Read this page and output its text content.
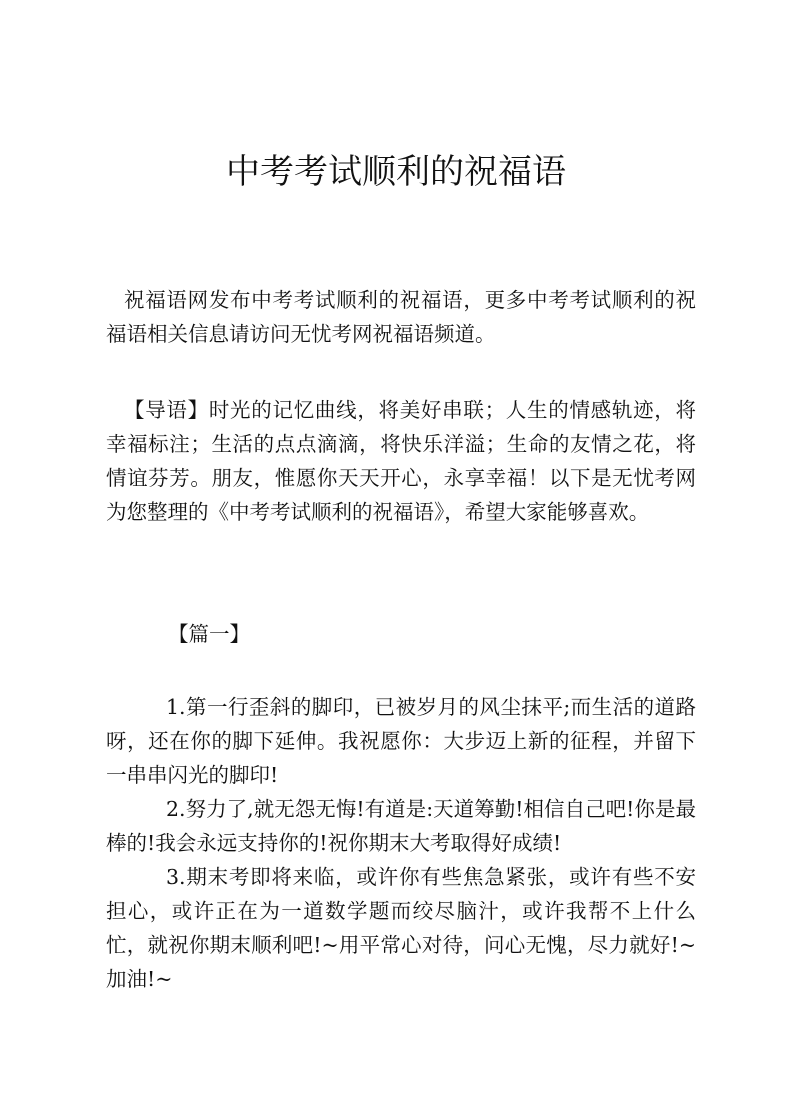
中考考试顺利的祝福语

祝福语网发布中考考试顺利的祝福语，更多中考考试顺利的祝福语相关信息请访问无忧考网祝福语频道。

【导语】时光的记忆曲线，将美好串联；人生的情感轨迹，将幸福标注；生活的点点滴滴，将快乐洋溢；生命的友情之花，将情谊芬芳。朋友，惟愿你天天开心，永享幸福！以下是无忧考网为您整理的《中考考试顺利的祝福语》，希望大家能够喜欢。

【篇一】

1.第一行歪斜的脚印，已被岁月的风尘抹平;而生活的道路呀，还在你的脚下延伸。我祝愿你：大步迈上新的征程，并留下一串串闪光的脚印!

2.努力了,就无怨无悔!有道是:天道筹勤!相信自己吧!你是最棒的!我会永远支持你的!祝你期末大考取得好成绩!

3.期末考即将来临，或许你有些焦急紧张，或许有些不安担心，或许正在为一道数学题而绞尽脑汁，或许我帮不上什么忙，就祝你期末顺利吧!~用平常心对待，问心无愧，尽力就好!~加油!~
